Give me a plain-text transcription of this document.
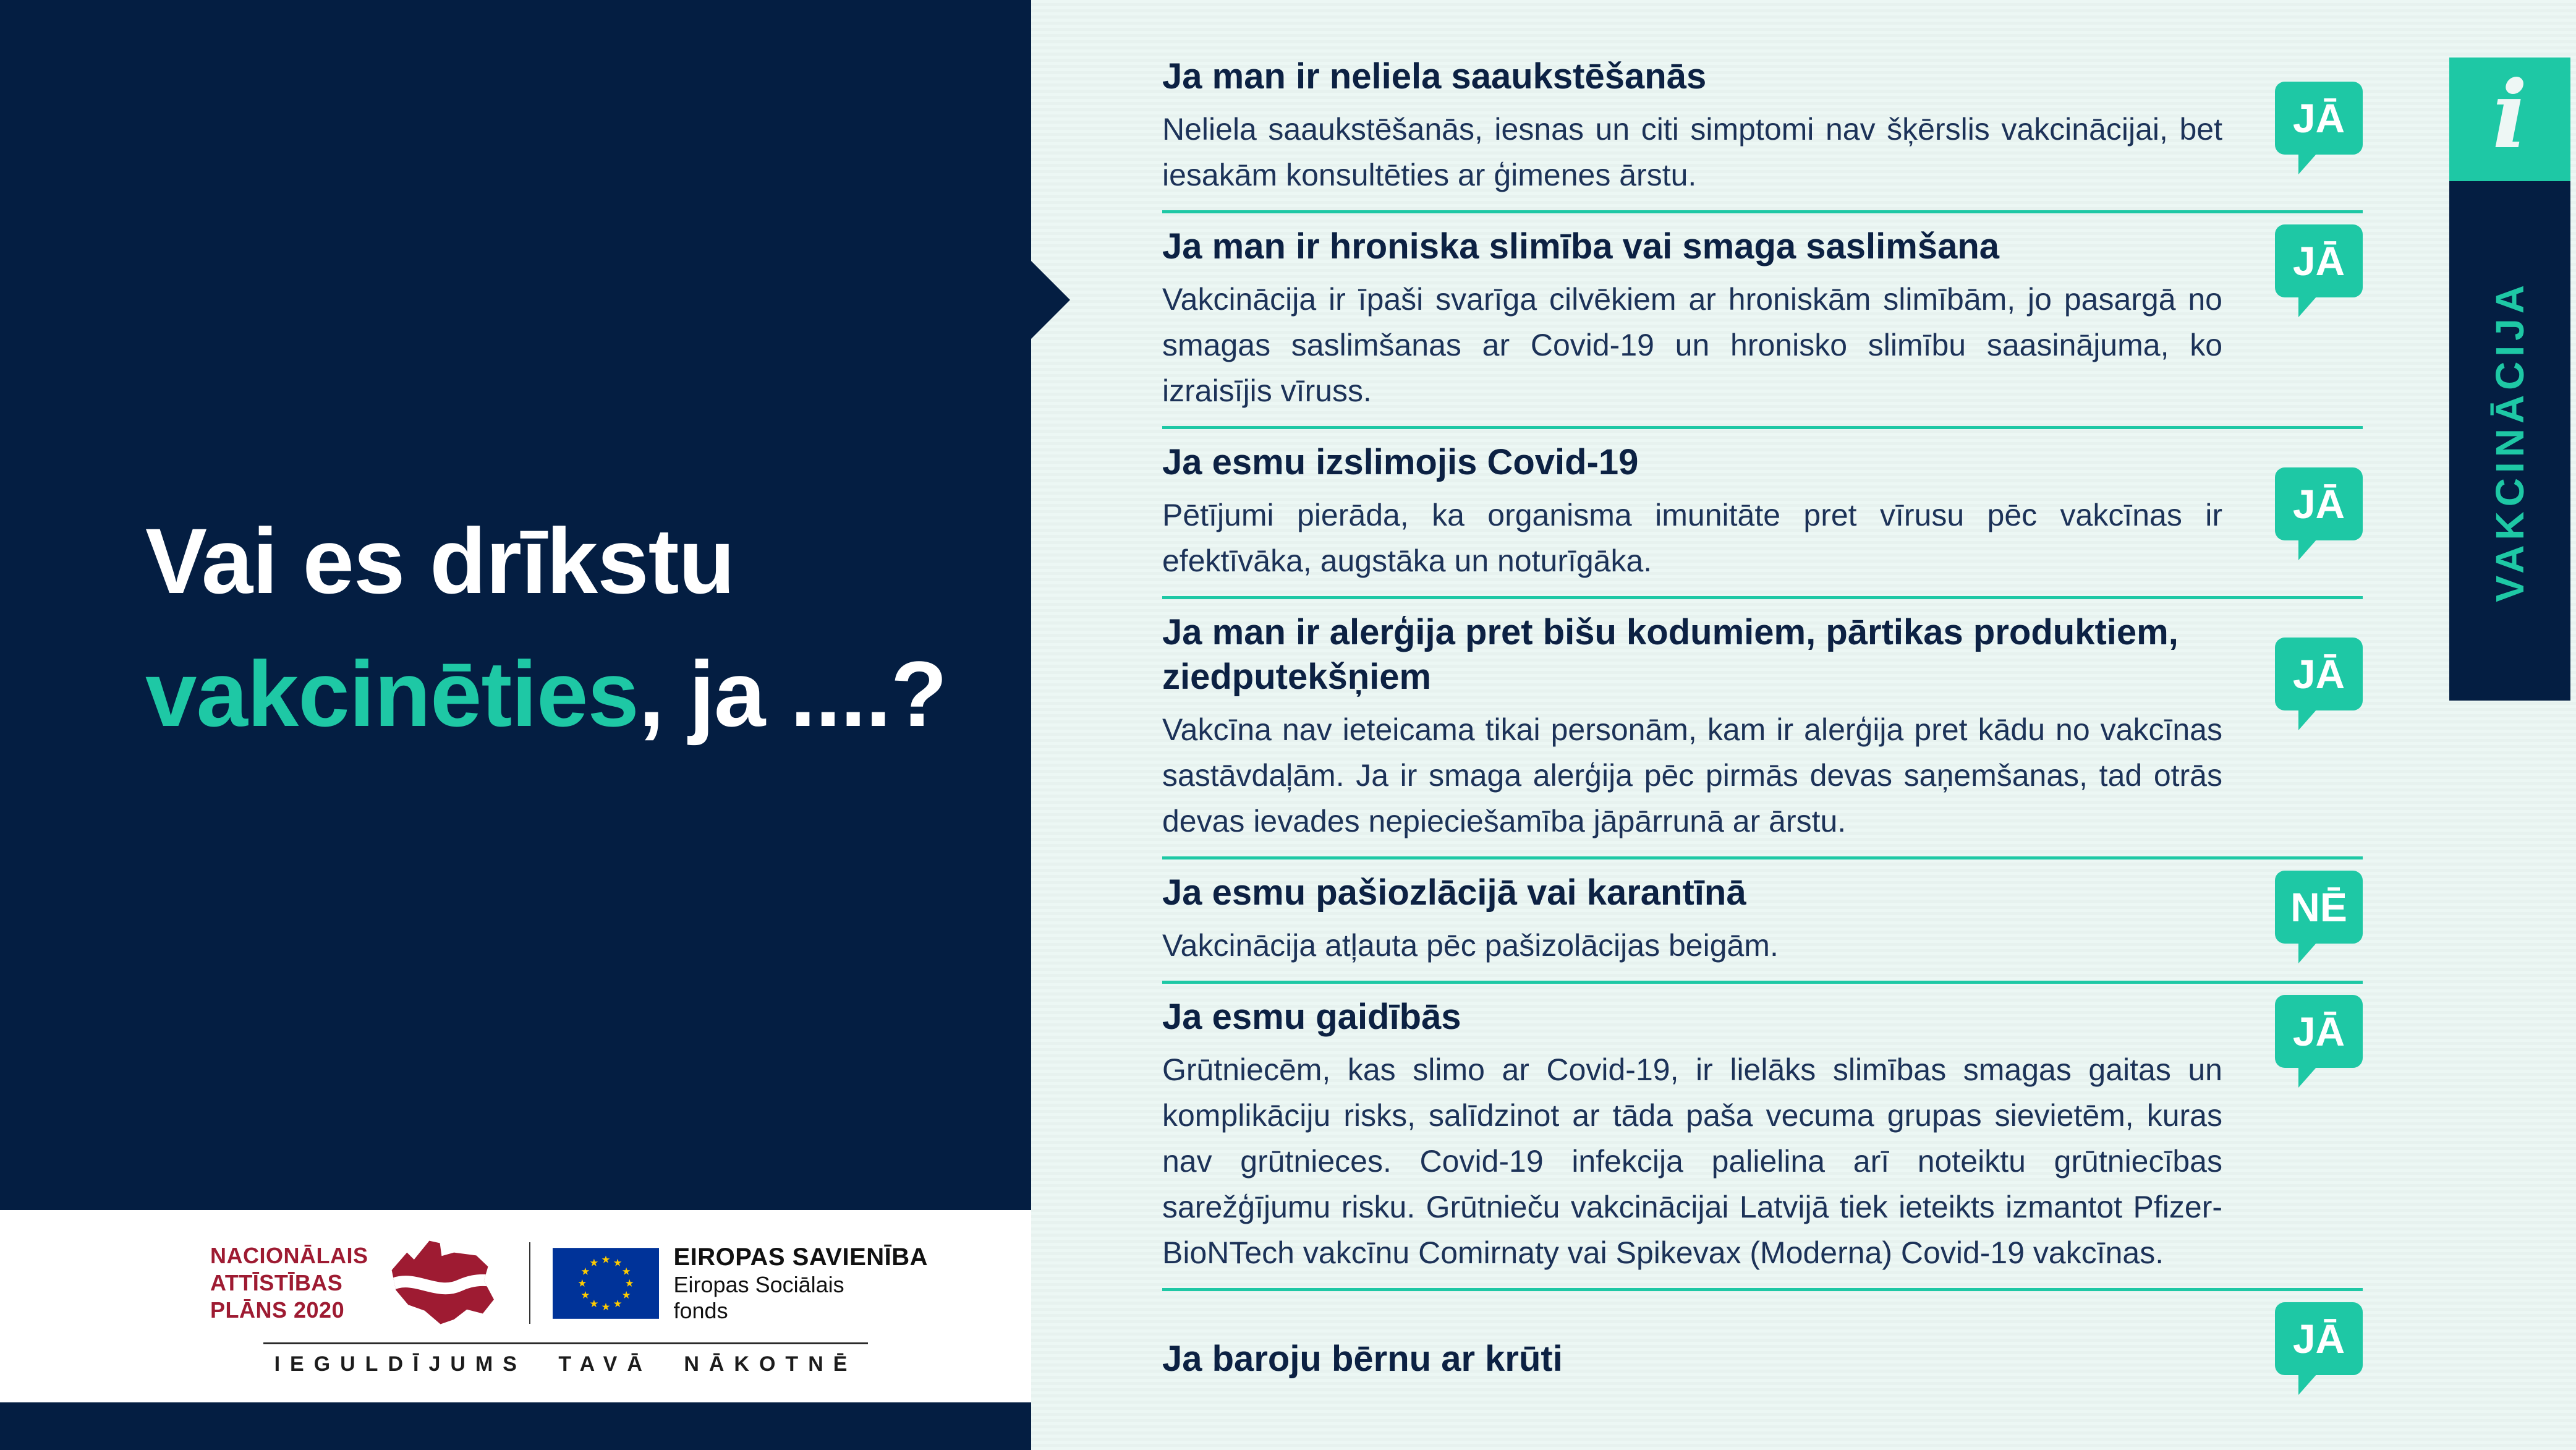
Vai es drīkstu
vakcinēties, ja ....?
Ja man ir neliela saaukstēšanās

Neliela saaukstēšanās, iesnas un citi simptomi nav šķērslis vakcinācijai, bet iesakām konsultēties ar ģimenes ārstu.

JĀ
Ja man ir hroniska slimība vai smaga saslimšana

Vakcinācija ir īpaši svarīga cilvēkiem ar hroniskām slimībām, jo pasargā no smagas saslimšanas ar Covid-19 un hronisko slimību saasinājuma, ko izraisījis vīruss.

JĀ
Ja esmu izslimojis Covid-19

Pētījumi pierāda, ka organisma imunitāte pret vīrusu pēc vakcīnas ir efektīvāka, augstāka un noturīgāka.

JĀ
Ja man ir alerģija pret bišu kodumiem, pārtikas produktiem, ziedputekšņiem

Vakcīna nav ieteicama tikai personām, kam ir alerģija pret kādu no vakcīnas sastāvdaļām. Ja ir smaga alerģija pēc pirmās devas saņemšanas, tad otrās devas ievades nepieciešamība jāpārrunā ar ārstu.

JĀ
Ja esmu pašiozlācijā vai karantīnā

Vakcinācija atļauta pēc pašizolācijas beigām.

NĒ
Ja esmu gaidībās

Grūtniecēm, kas slimo ar Covid-19, ir lielāks slimības smagas gaitas un komplikāciju risks, salīdzinot ar tāda paša vecuma grupas sievietēm, kuras nav grūtnieces. Covid-19 infekcija palielina arī noteiktu grūtniecības sarežģījumu risku. Grūtnieču vakcinācijai Latvijā tiek ieteikts izmantot Pfizer-BioNTech vakcīnu Comirnaty vai Spikevax (Moderna) Covid-19 vakcīnas.

JĀ
Ja baroju bērnu ar krūti	JĀ
i
VAKCINĀCIJA
NACIONĀLAIS
ATTĪSTĪBAS
PLĀNS 2020
EIROPAS SAVIENĪBA
Eiropas Sociālais
fonds
IEGULDĪJUMS TAVĀ NĀKOTNĒ
